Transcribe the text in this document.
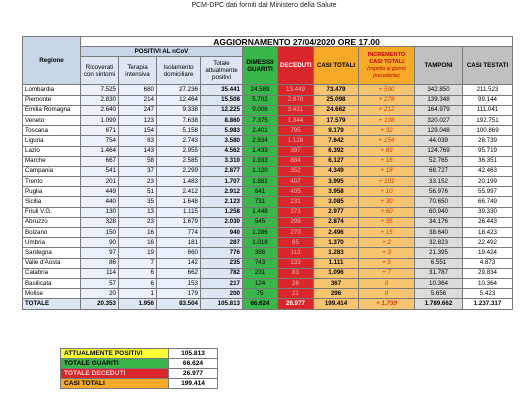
PCM-DPC dati forniti dal Ministero della Salute
Regione	AGGIORNAMENTO 27/04/2020 ORE 17.00									
	POSITIVI AL nCoV				DIMESSI/ GUARITI	DECEDUTI	CASI TOTALI	INCREMENTO CASI TOTALI
(rispetto al giorno precedente)	TAMPONI	CASI TESTATI
	Ricoverati con sintomi	Terapia intensiva	Isolamento domiciliare	Totale attualmente positivi						
Lombardia	7.525	680	27.236	35.441	24.589	13.449	73.479	+ 590	342.850	211.523
Piemonte	2.830	214	12.464	15.508	5.702	2.878	25.098	+ 278	139.348	99.144
Emilia Romagna	2.640	247	9.338	12.225	9.006	3.431	24.662	+ 212	164.979	111.041
Veneto	1.099	123	7.638	8.860	7.375	1.344	17.579	+ 108	320.027	192.751
Toscana	671	154	5.158	5.983	2.401	795	9.179	+ 32	129.048	100.869
Liguria	754	83	2.743	3.580	2.934	1.128	7.642	+ 154	44.039	28.739
Lazio	1.464	143	2.955	4.562	1.433	397	6.392	+ 83	124.769	95.719
Marche	667	58	2.585	3.310	1.933	884	6.127	+ 16	52.765	36.351
Campania	541	37	2.299	2.877	1.120	352	4.349	+ 18	68.727	42.463
Trento	201	23	1.483	1.707	1.881	407	3.995	+ 101	33.152	20.199
Puglia	449	51	2.412	2.912	641	405	3.958	+ 10	56.976	55.997
Sicilia	440	35	1.648	2.123	731	231	3.085	+ 30	70.650	66.749
Friuli V.G.	130	13	1.115	1.258	1.448	271	2.977	+ 60	60.940	39.330
Abruzzo	328	23	1.679	2.030	545	299	2.874	+ 35	34.176	26.443
Bolzano	150	16	774	940	1.286	270	2.496	+ 15	38.640	18.423
Umbria	90	16	181	287	1.018	65	1.370	+ 2	32.823	22.492
Sardegna	97	19	660	776	398	113	1.283	+ 3	21.395	19.424
Valle d'Aosta	86	7	142	235	743	133	1.111	+ 5	6.551	4.873
Calabria	114	6	662	782	231	83	1.096	+ 7	31.787	29.834
Basilicata	57	6	153	217	124	26	367	0	10.364	10.364
Molise	20	1	179	200	75	21	296	0	5.656	5.423
TOTALE	20.353	1.956	83.504	105.813	66.624	26.977	199.414	+ 1.739	1.789.662	1.237.317
ATTUALMENTE POSITIVI	105.813
TOTALE GUARITI	66.624
TOTALE DECEDUTI	26.977
CASI TOTALI	199.414
